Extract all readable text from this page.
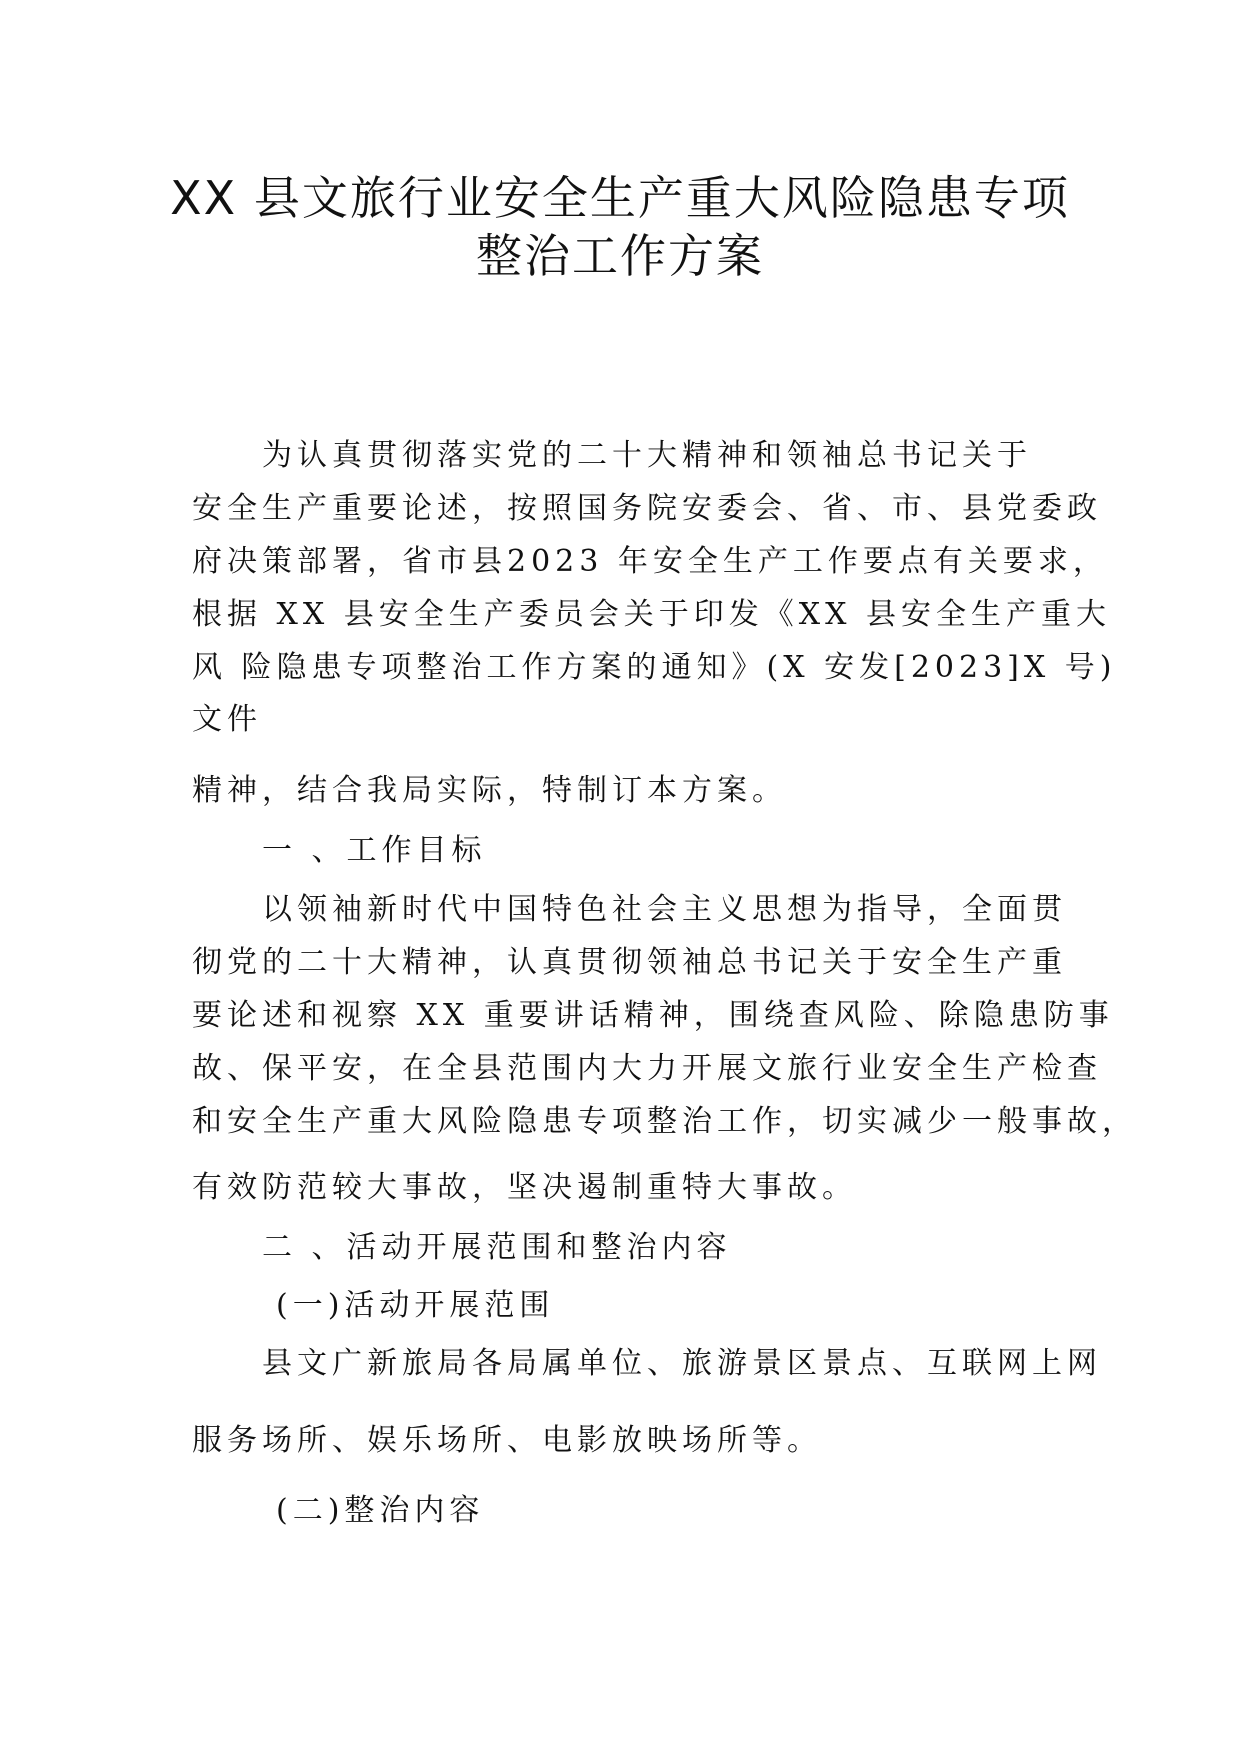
XX 县文旅行业安全生产重大风险隐患专项
整治工作方案
为认真贯彻落实党的二十大精神和领袖总书记关于
安全生产重要论述，按照国务院安委会、省、市、县党委政
府决策部署，省市县2023 年安全生产工作要点有关要求，
根据 XX 县安全生产委员会关于印发《XX 县安全生产重大
风 险隐患专项整治工作方案的通知》(X 安发[2023]X 号)
文件
精神，结合我局实际，特制订本方案。
一 、工作目标
以领袖新时代中国特色社会主义思想为指导，全面贯
彻党的二十大精神，认真贯彻领袖总书记关于安全生产重
要论述和视察 XX 重要讲话精神，围绕查风险、除隐患防事
故、保平安，在全县范围内大力开展文旅行业安全生产检查
和安全生产重大风险隐患专项整治工作，切实减少一般事故，
有效防范较大事故，坚决遏制重特大事故。
二 、活动开展范围和整治内容
(一)活动开展范围
县文广新旅局各局属单位、旅游景区景点、互联网上网
服务场所、娱乐场所、电影放映场所等。
(二)整治内容
